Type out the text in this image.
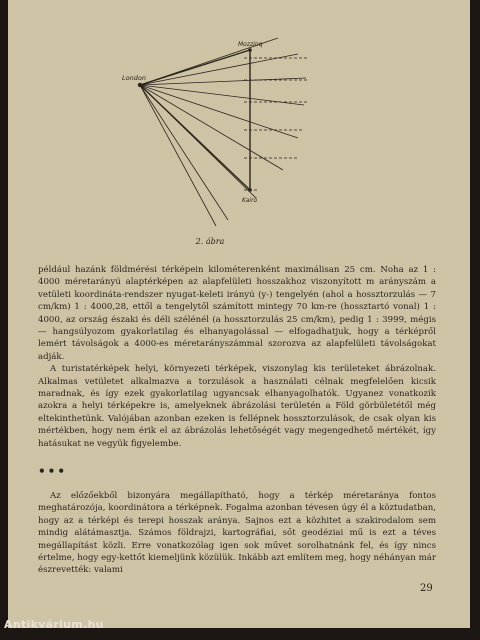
London
Mozzinq
Kairó
2. ábra

például hazánk földmérési térképein kilométerenként maximálisan 25 cm. Noha az 1 : 4000 méretarányú alaptérképen az alapfelületi hosszakhoz viszonyított m arányszám a vetületi koordináta-rendszer nyugat-keleti irányú (y-) tengelyén (ahol a hossztorzulás — 7 cm/km) 1 : 4000,28, ettől a tengelytől számított mintegy 70 km-re (hossztartó vonal) 1 : 4000, az ország északi és déli szélénél (a hossztorzulás 25 cm/km), pedig 1 : 3999, mégis — hangsúlyozom gyakorlatilag és elhanyagolással — elfogadhatjuk, hogy a térképről lemért távolságok a 4000-es méretarányszámmal szorozva az alapfelületi távolságokat adják.

A turistatérképek helyi, környezeti térképek, viszonylag kis területeket ábrázolnak. Alkalmas vetületet alkalmazva a torzulások a használati célnak megfelelően kicsik maradnak, és így ezek gyakorlatilag ugyancsak elhanyagolhatók. Ugyanez vonatkozik azokra a helyi térképekre is, amelyeknek ábrázolási területén a Föld görbületétől még eltekinthetünk. Valójában azonban ezeken is fellépnek hossztorzulások, de csak olyan kis mértékben, hogy nem érik el az ábrázolás lehetőségét vagy megengedhető mértékét, így hatásukat ne vegyük figyelembe.

•••

Az előzőekből bizonyára megállapítható, hogy a térkép méretaránya fontos meghatározója, koordinátora a térképnek. Fogalma azonban tévesen úgy él a köztudatban, hogy az a térképi és terepi hosszak aránya. Sajnos ezt a közhitet a szakirodalom sem mindig alátámasztja. Számos földrajzi, kartográfiai, sőt geodéziai mű is ezt a téves megállapítást közli. Erre vonatkozólag igen sok művet sorolhatnánk fel, és így nincs értelme, hogy egy-kettőt kiemeljünk közülük. Inkább azt említem meg, hogy néhányan már észrevették: valami

29
Antikvárium.hu
